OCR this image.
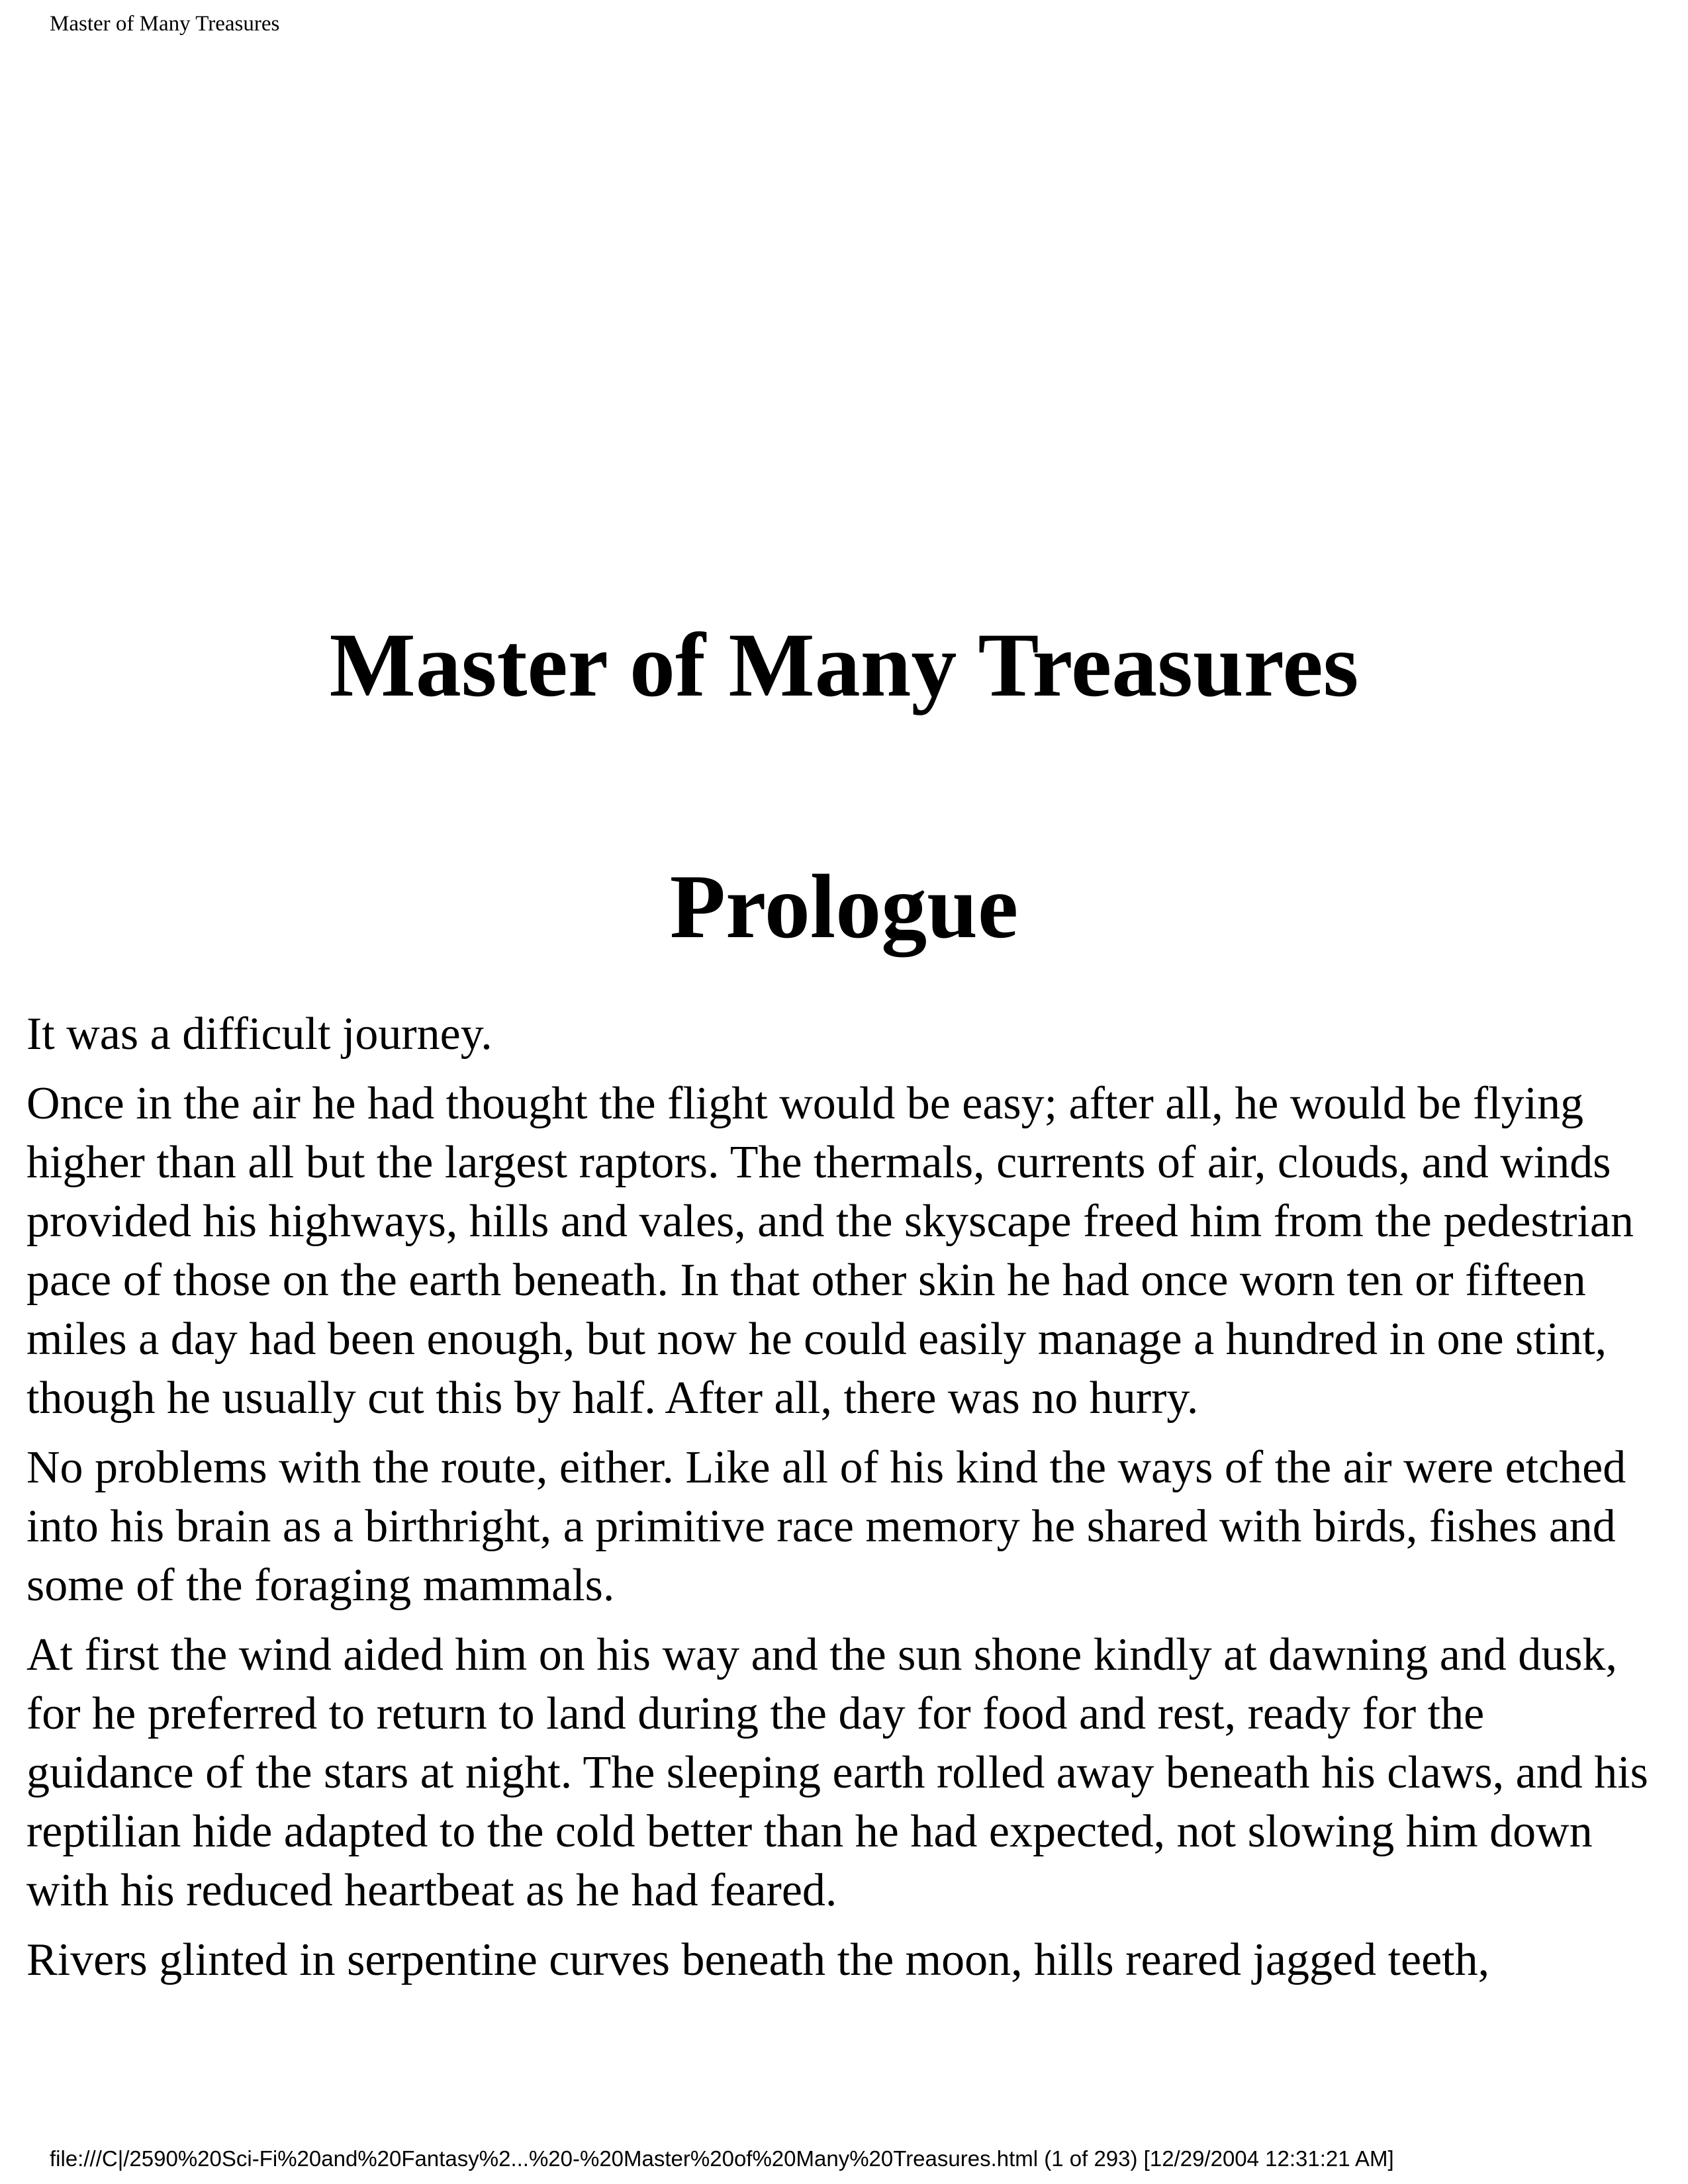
Master of Many Treasures
Master of Many Treasures
Prologue

It was a difficult journey.

Once in the air he had thought the flight would be easy; after all, he would be flying higher than all but the largest raptors. The thermals, currents of air, clouds, and winds provided his highways, hills and vales, and the skyscape freed him from the pedestrian pace of those on the earth beneath. In that other skin he had once worn ten or fifteen miles a day had been enough, but now he could easily manage a hundred in one stint, though he usually cut this by half. After all, there was no hurry.

No problems with the route, either. Like all of his kind the ways of the air were etched into his brain as a birthright, a primitive race memory he shared with birds, fishes and some of the foraging mammals.

At first the wind aided him on his way and the sun shone kindly at dawning and dusk, for he preferred to return to land during the day for food and rest, ready for the guidance of the stars at night. The sleeping earth rolled away beneath his claws, and his reptilian hide adapted to the cold better than he had expected, not slowing him down with his reduced heartbeat as he had feared.

Rivers glinted in serpentine curves beneath the moon, hills reared jagged teeth,

file:///C|/2590%20Sci-Fi%20and%20Fantasy%2...%20-%20Master%20of%20Many%20Treasures.html (1 of 293) [12/29/2004 12:31:21 AM]
